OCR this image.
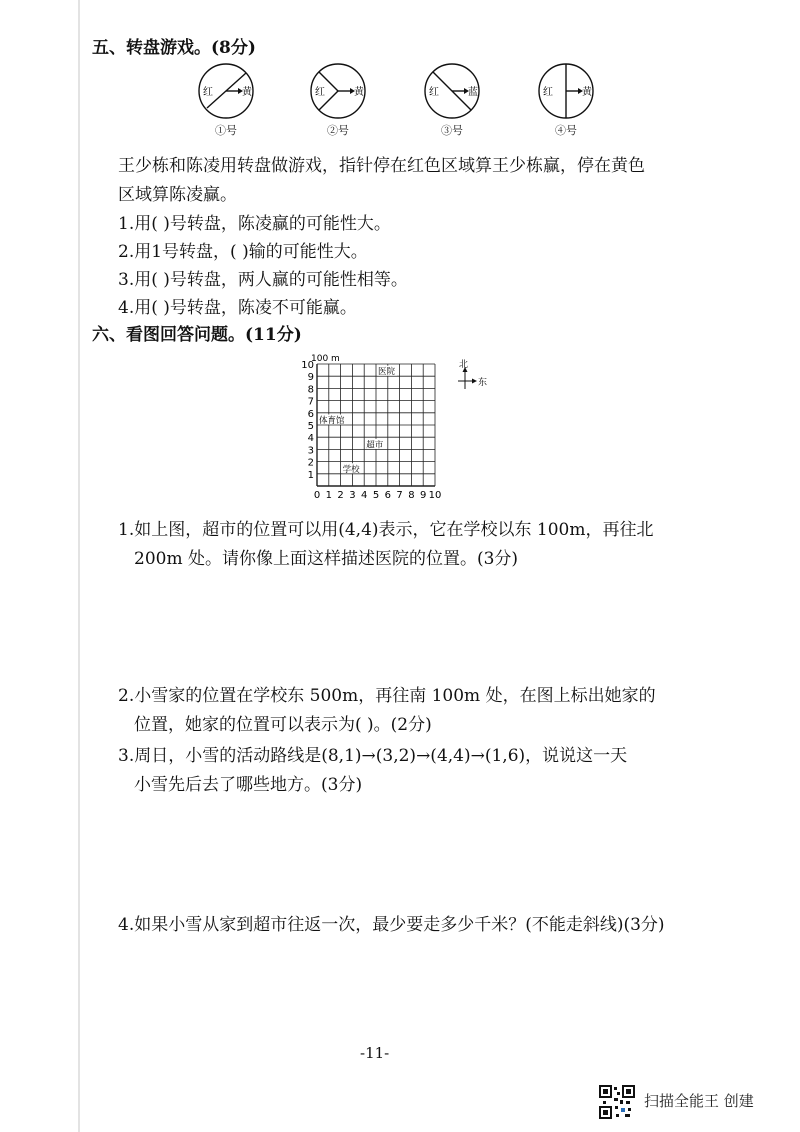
五、转盘游戏。(8分)
红	黄
①号
红	黄
②号
红	蓝
③号
红	黄
④号
王少栋和陈凌用转盘做游戏，指针停在红色区域算王少栋赢，停在黄色
区域算陈凌赢。
1.用( )号转盘，陈凌赢的可能性大。
2.用1号转盘，( )输的可能性大。
3.用( )号转盘，两人赢的可能性相等。
4.用( )号转盘，陈凌不可能赢。
六、看图回答问题。(11分)
0 1 2 3 4 5 6 7 8 9 10
1
2
3
4
5
6
7
8
9
10
100 m
医院
体育馆
超市
学校
北
东
1.如上图，超市的位置可以用(4,4)表示，它在学校以东 100m，再往北
200m 处。请你像上面这样描述医院的位置。(3分)
2.小雪家的位置在学校东 500m，再往南 100m 处，在图上标出她家的
位置，她家的位置可以表示为( )。(2分)
3.周日，小雪的活动路线是(8,1)→(3,2)→(4,4)→(1,6)，说说这一天
小雪先后去了哪些地方。(3分)
4.如果小雪从家到超市往返一次，最少要走多少千米？(不能走斜线)(3分)
-11-
扫描全能王 创建
